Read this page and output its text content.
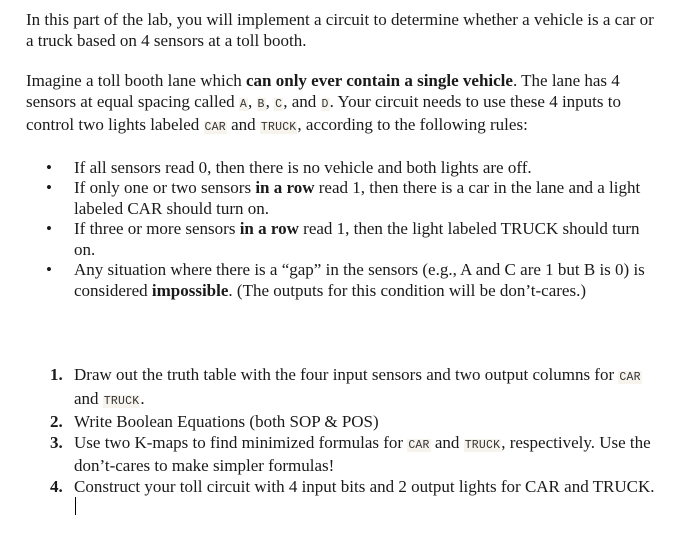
In this part of the lab, you will implement a circuit to determine whether a vehicle is a car or a truck based on 4 sensors at a toll booth.

Imagine a toll booth lane which can only ever contain a single vehicle. The lane has 4 sensors at equal spacing called A, B, C, and D. Your circuit needs to use these 4 inputs to control two lights labeled CAR and TRUCK, according to the following rules:

• If all sensors read 0, then there is no vehicle and both lights are off.
• If only one or two sensors in a row read 1, then there is a car in the lane and a light labeled CAR should turn on.
• If three or more sensors in a row read 1, then the light labeled TRUCK should turn on.
• Any situation where there is a “gap” in the sensors (e.g., A and C are 1 but B is 0) is considered impossible. (The outputs for this condition will be don’t-cares.)
1. Draw out the truth table with the four input sensors and two output columns for CAR and TRUCK.
2. Write Boolean Equations (both SOP & POS)
3. Use two K-maps to find minimized formulas for CAR and TRUCK, respectively. Use the don’t-cares to make simpler formulas!
4. Construct your toll circuit with 4 input bits and 2 output lights for CAR and TRUCK.
